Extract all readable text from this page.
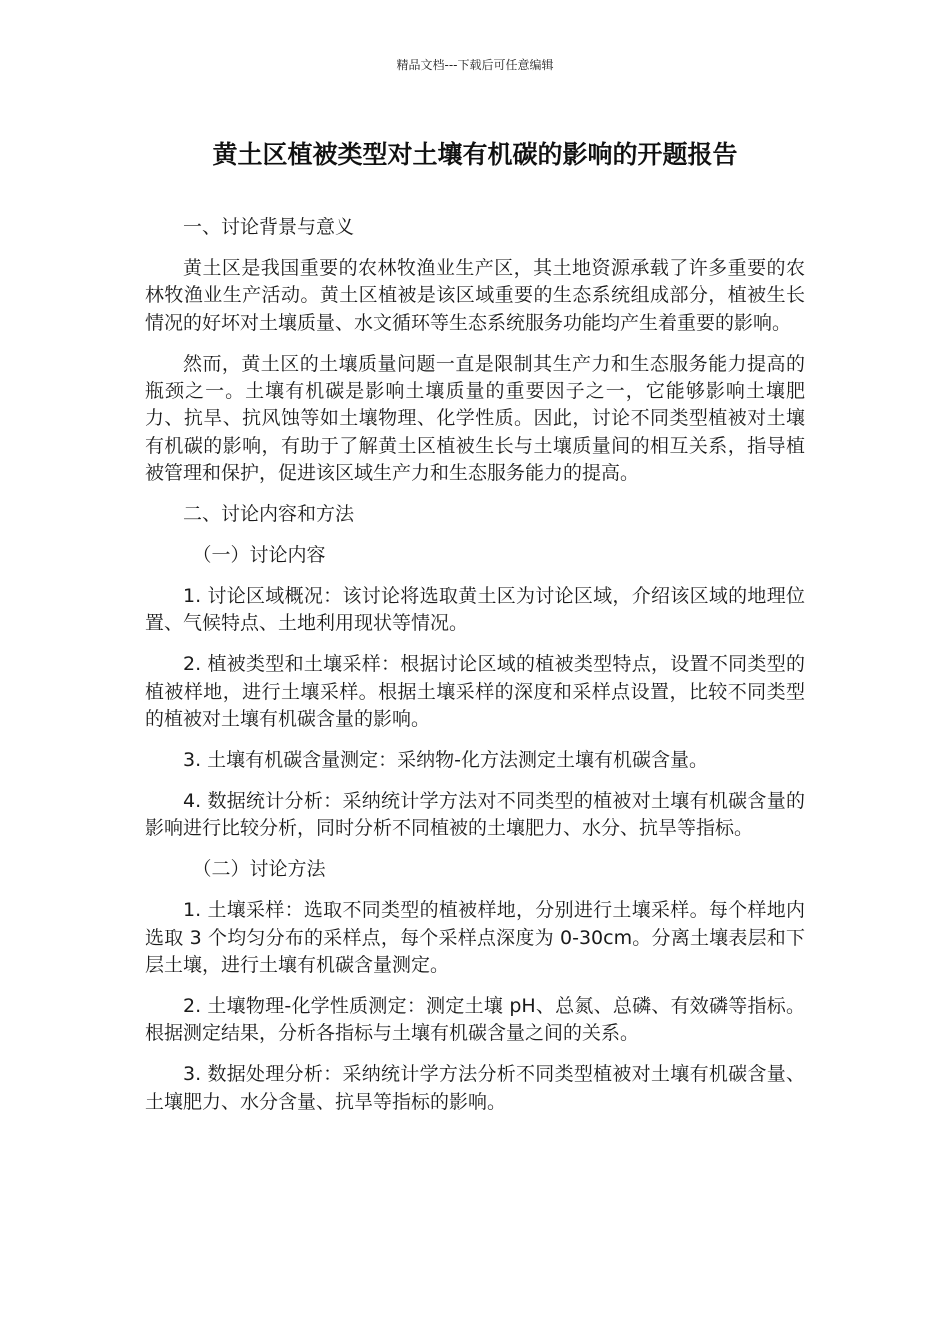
精品文档---下载后可任意编辑
黄土区植被类型对土壤有机碳的影响的开题报告

一、讨论背景与意义

黄土区是我国重要的农林牧渔业生产区，其土地资源承载了许多重要的农林牧渔业生产活动。黄土区植被是该区域重要的生态系统组成部分，植被生长情况的好坏对土壤质量、水文循环等生态系统服务功能均产生着重要的影响。

然而，黄土区的土壤质量问题一直是限制其生产力和生态服务能力提高的瓶颈之一。土壤有机碳是影响土壤质量的重要因子之一，它能够影响土壤肥力、抗旱、抗风蚀等如土壤物理、化学性质。因此，讨论不同类型植被对土壤有机碳的影响，有助于了解黄土区植被生长与土壤质量间的相互关系，指导植被管理和保护，促进该区域生产力和生态服务能力的提高。

二、讨论内容和方法

（一）讨论内容

1. 讨论区域概况：该讨论将选取黄土区为讨论区域，介绍该区域的地理位置、气候特点、土地利用现状等情况。

2. 植被类型和土壤采样：根据讨论区域的植被类型特点，设置不同类型的植被样地，进行土壤采样。根据土壤采样的深度和采样点设置，比较不同类型的植被对土壤有机碳含量的影响。

3. 土壤有机碳含量测定：采纳物-化方法测定土壤有机碳含量。

4. 数据统计分析：采纳统计学方法对不同类型的植被对土壤有机碳含量的影响进行比较分析，同时分析不同植被的土壤肥力、水分、抗旱等指标。

（二）讨论方法

1. 土壤采样：选取不同类型的植被样地，分别进行土壤采样。每个样地内选取 3 个均匀分布的采样点，每个采样点深度为 0-30cm。分离土壤表层和下层土壤，进行土壤有机碳含量测定。

2. 土壤物理-化学性质测定：测定土壤 pH、总氮、总磷、有效磷等指标。根据测定结果，分析各指标与土壤有机碳含量之间的关系。

3. 数据处理分析：采纳统计学方法分析不同类型植被对土壤有机碳含量、土壤肥力、水分含量、抗旱等指标的影响。
